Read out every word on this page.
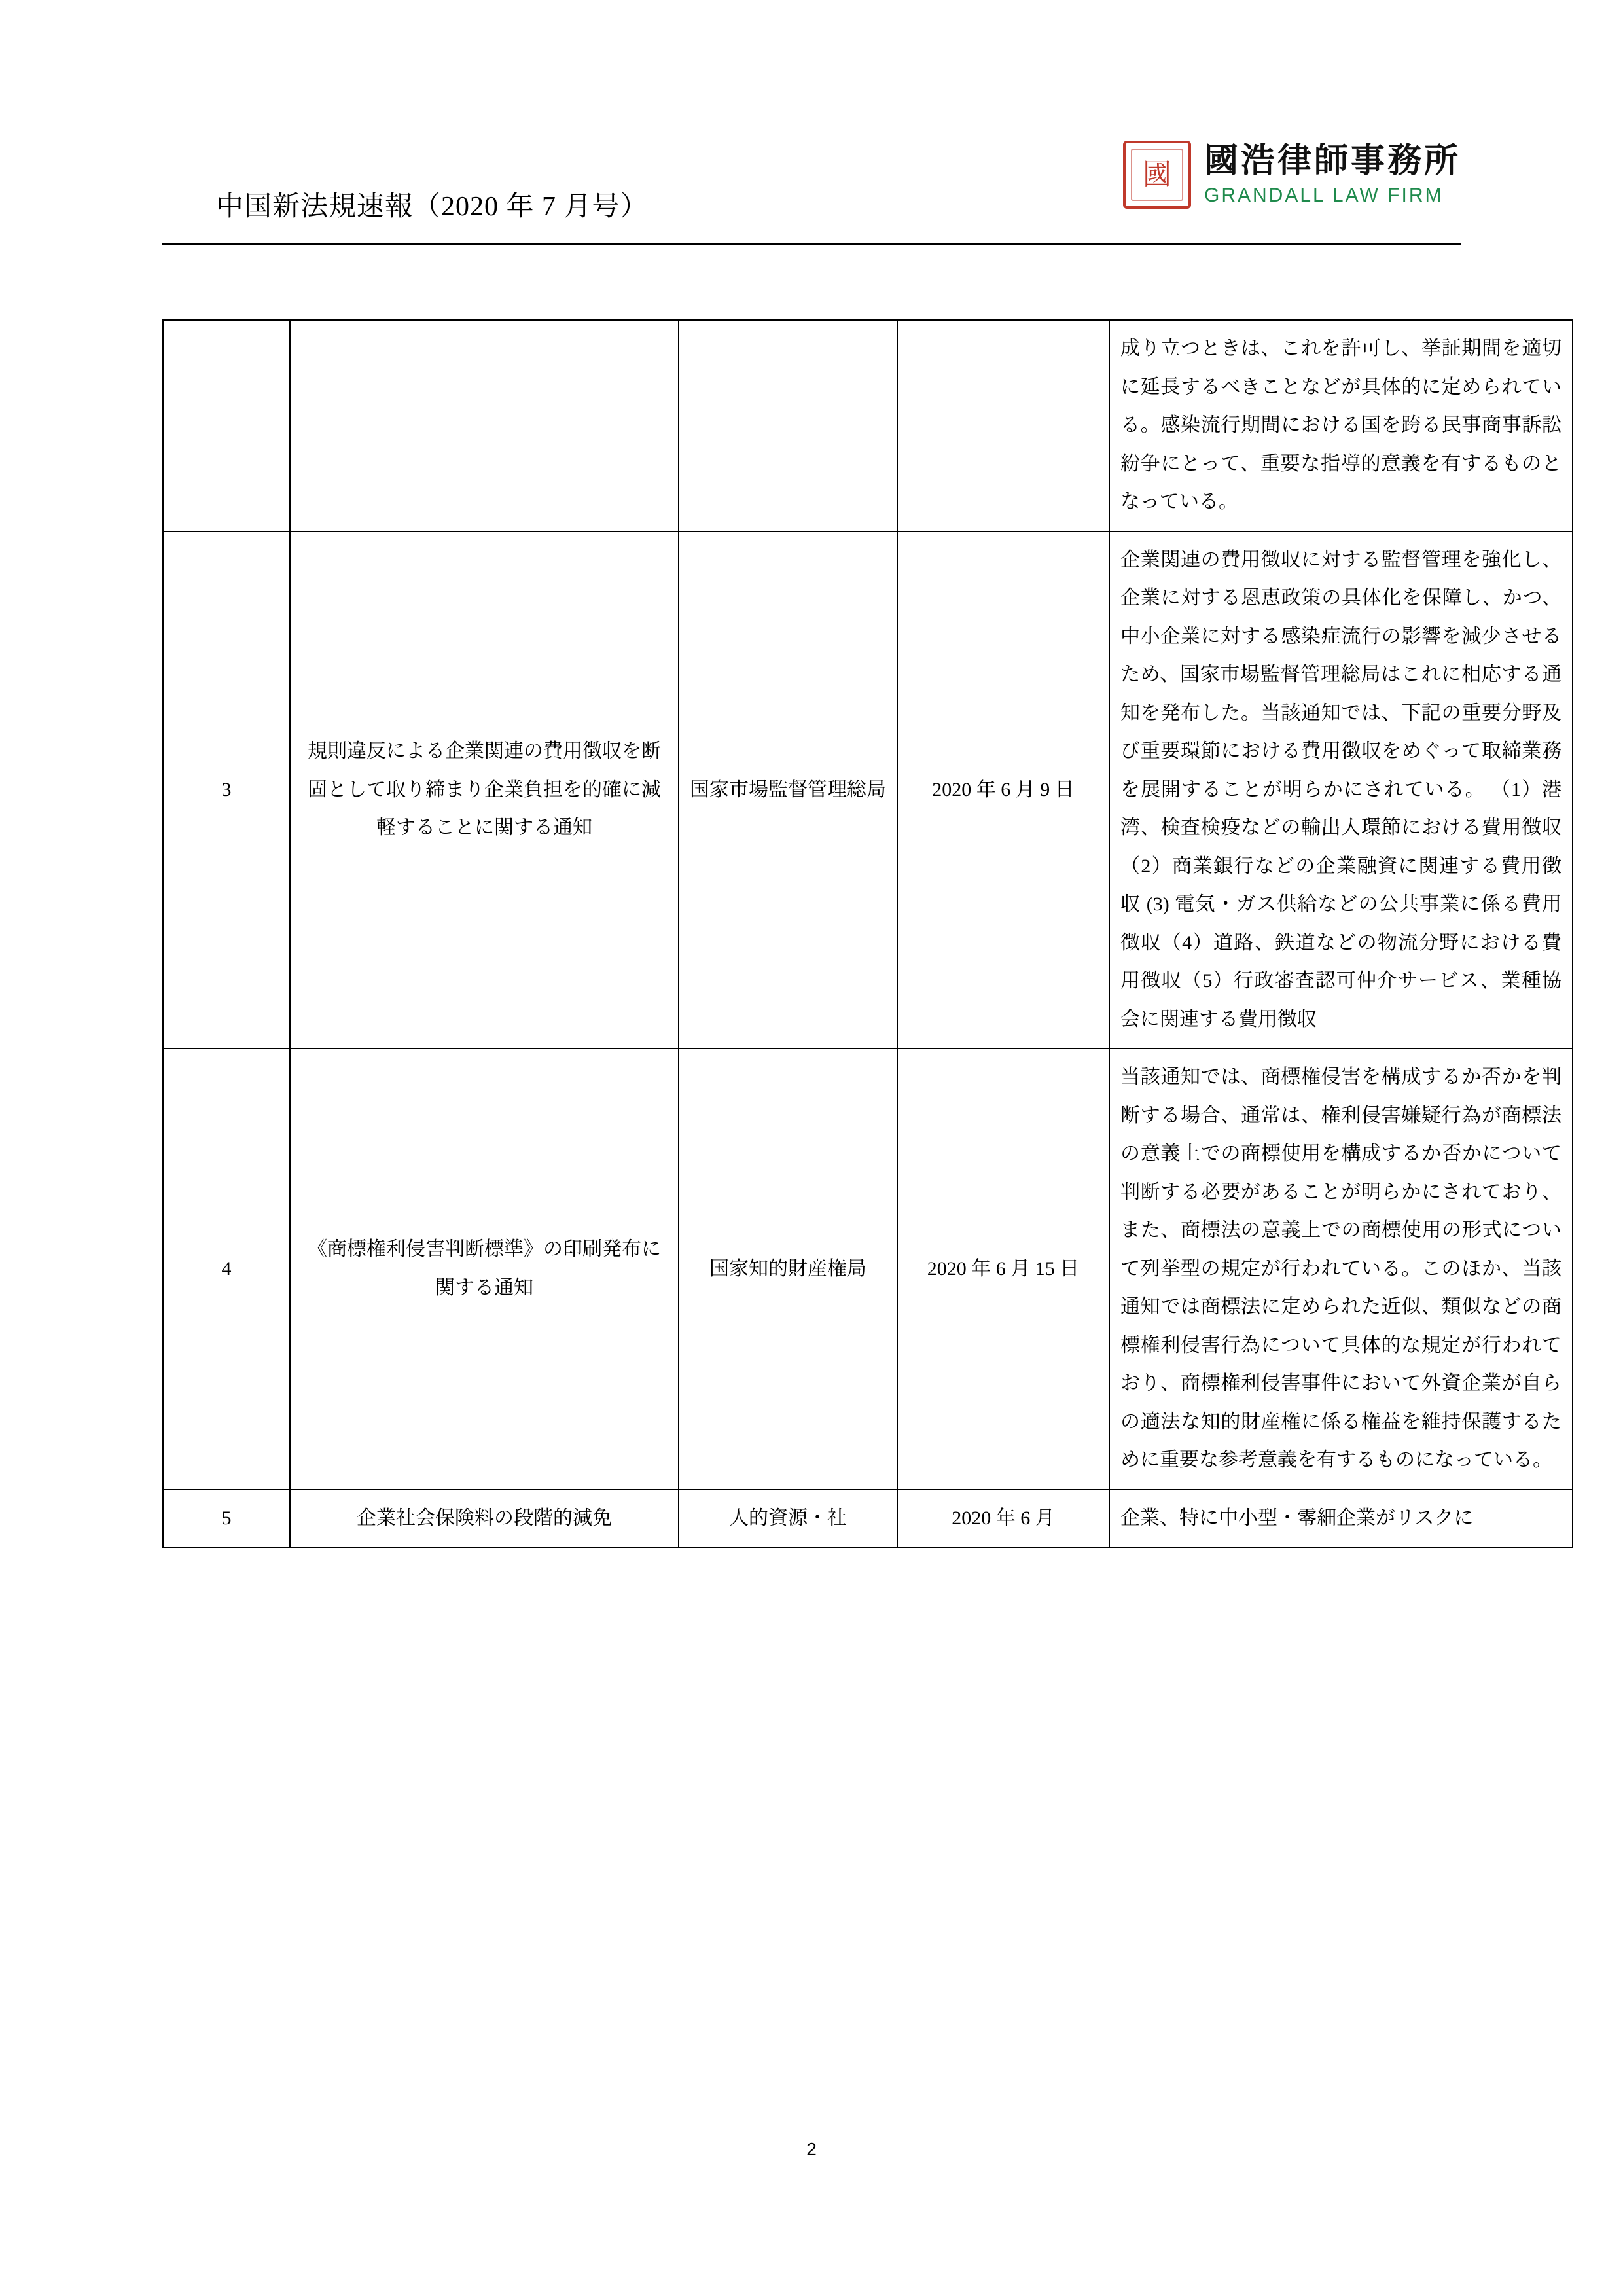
中国新法規速報（2020 年 7 月号）
國 國浩律師事務所
GRANDALL LAW FIRM
				成り立つときは、これを許可し、挙証期間を適切に延長するべきことなどが具体的に定められている。感染流行期間における国を跨る民事商事訴訟紛争にとって、重要な指導的意義を有するものとなっている。
3	規則違反による企業関連の費用徴収を断固として取り締まり企業負担を的確に減軽することに関する通知	国家市場監督管理総局	2020 年 6 月 9 日	企業関連の費用徴収に対する監督管理を強化し、企業に対する恩恵政策の具体化を保障し、かつ、中小企業に対する感染症流行の影響を減少させるため、国家市場監督管理総局はこれに相応する通知を発布した。当該通知では、下記の重要分野及び重要環節における費用徴収をめぐって取締業務を展開することが明らかにされている。 （1）港湾、検査検疫などの輸出入環節における費用徴収（2）商業銀行などの企業融資に関連する費用徴収 (3) 電気・ガス供給などの公共事業に係る費用徴収（4）道路、鉄道などの物流分野における費用徴収（5）行政審査認可仲介サービス、業種協会に関連する費用徴収
4	《商標権利侵害判断標準》の印刷発布に関する通知	国家知的財産権局	2020 年 6 月 15 日	当該通知では、商標権侵害を構成するか否かを判断する場合、通常は、権利侵害嫌疑行為が商標法の意義上での商標使用を構成するか否かについて判断する必要があることが明らかにされており、また、商標法の意義上での商標使用の形式について列挙型の規定が行われている。このほか、当該通知では商標法に定められた近似、類似などの商標権利侵害行為について具体的な規定が行われており、商標権利侵害事件において外資企業が自らの適法な知的財産権に係る権益を維持保護するために重要な参考意義を有するものになっている。
5	企業社会保険料の段階的減免	人的資源・社	2020 年 6 月	企業、特に中小型・零細企業がリスクに
2
